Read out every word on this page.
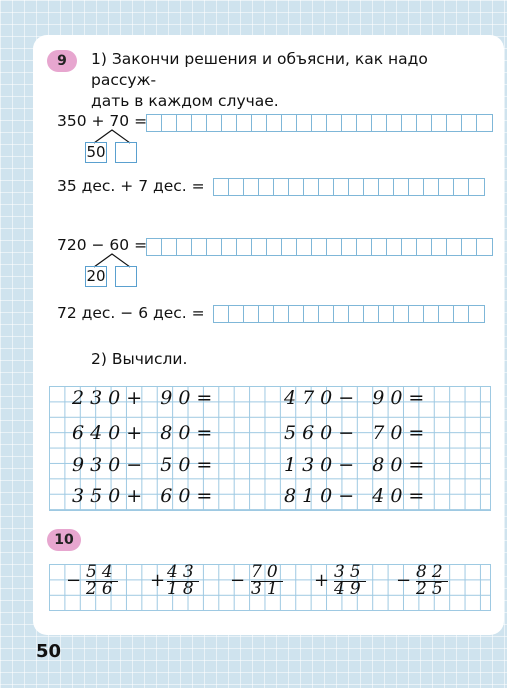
9	1) Закончи решения и объясни, как надо рассуж-
дать в каждом случае.
350 + 70 =
50
35 дес. + 7 дес. =
720 − 60 =
20
72 дес. − 6 дес. =
2) Вычисли.
230+ 90=
640+ 80=
930− 50=
350+ 60=
470− 90=
560− 70=
130− 80=
810− 40=
10
− 54
26 + 43
18 − 70
31 + 35
49 − 82
25
50
